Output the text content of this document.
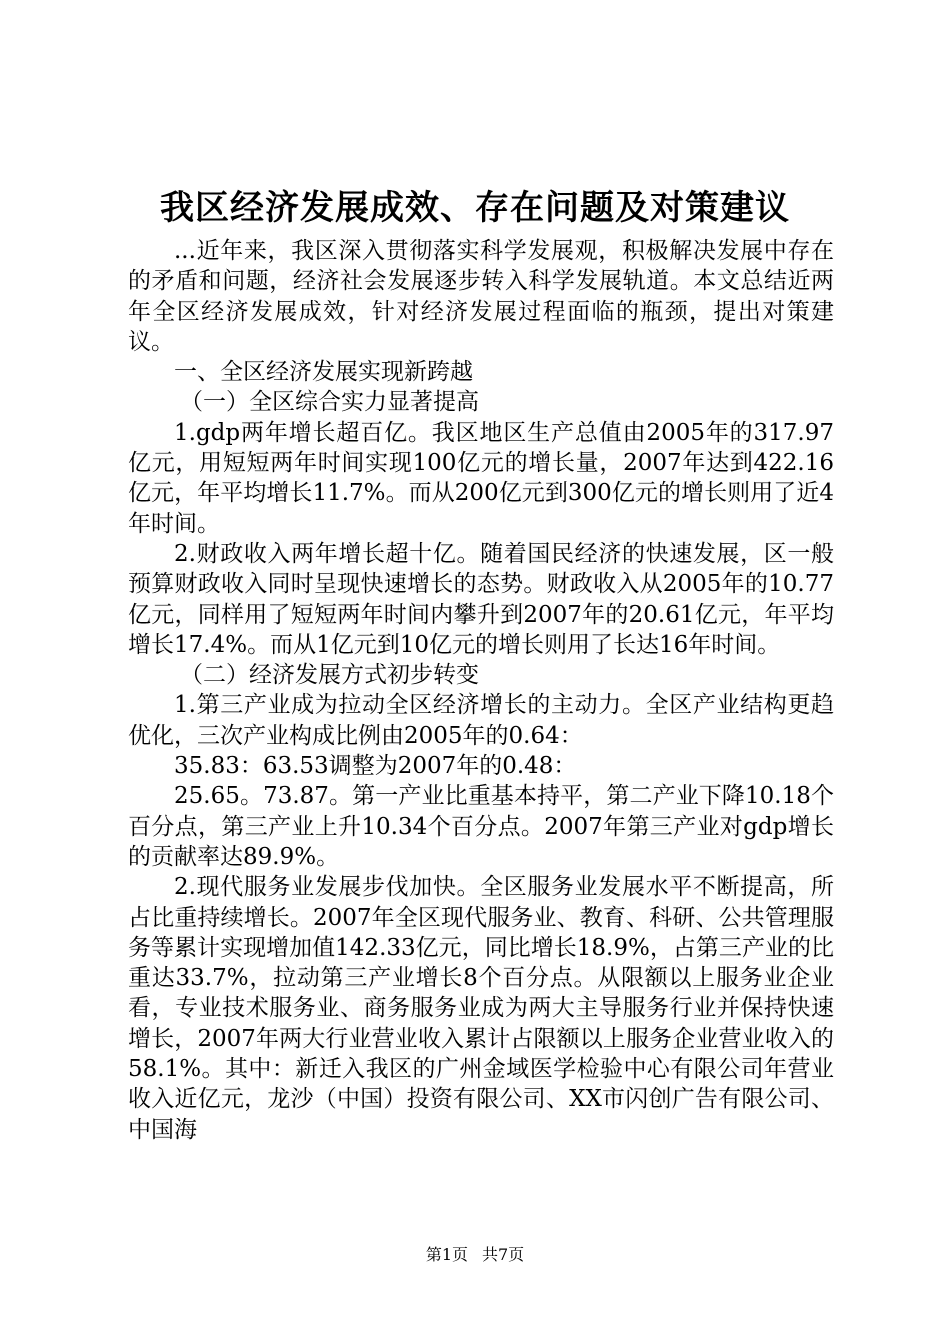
我区经济发展成效、存在问题及对策建议

...近年来，我区深入贯彻落实科学发展观，积极解决发展中存在的矛盾和问题，经济社会发展逐步转入科学发展轨道。本文总结近两年全区经济发展成效，针对经济发展过程面临的瓶颈，提出对策建议。

一、全区经济发展实现新跨越

（一）全区综合实力显著提高

1.gdp两年增长超百亿。我区地区生产总值由2005年的317.97亿元，用短短两年时间实现100亿元的增长量，2007年达到422.16亿元，年平均增长11.7%。而从200亿元到300亿元的增长则用了近4年时间。

2.财政收入两年增长超十亿。随着国民经济的快速发展，区一般预算财政收入同时呈现快速增长的态势。财政收入从2005年的10.77亿元，同样用了短短两年时间内攀升到2007年的20.61亿元，年平均增长17.4%。而从1亿元到10亿元的增长则用了长达16年时间。

（二）经济发展方式初步转变

1.第三产业成为拉动全区经济增长的主动力。全区产业结构更趋优化，三次产业构成比例由2005年的0.64：

35.83：63.53调整为2007年的0.48：

25.65。73.87。第一产业比重基本持平，第二产业下降10.18个百分点，第三产业上升10.34个百分点。2007年第三产业对gdp增长的贡献率达89.9%。

2.现代服务业发展步伐加快。全区服务业发展水平不断提高，所占比重持续增长。2007年全区现代服务业、教育、科研、公共管理服务等累计实现增加值142.33亿元，同比增长18.9%，占第三产业的比重达33.7%，拉动第三产业增长8个百分点。从限额以上服务业企业看，专业技术服务业、商务服务业成为两大主导服务行业并保持快速增长，2007年两大行业营业收入累计占限额以上服务企业营业收入的58.1%。其中：新迁入我区的广州金域医学检验中心有限公司年营业收入近亿元，龙沙（中国）投资有限公司、XX市闪创广告有限公司、中国海

第1页 共7页
